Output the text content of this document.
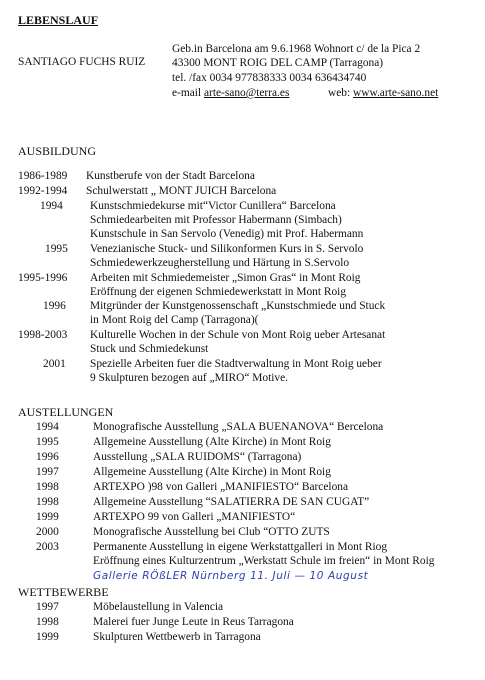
LEBENSLAUF
SANTIAGO FUCHS RUIZ
Geb.in Barcelona am 9.6.1968 Wohnort c/ de la Pica 2
43300 MONT ROIG DEL CAMP (Tarragona)
tel. /fax 0034 977838333 0034 636434740
e-mail arte-sano@terra.es	web: www.arte-sano.net
AUSBILDUNG
AUSTELLUNGEN
WETTBEWERBE
1986-1989 Kunstberufe von der Stadt Barcelona
1992-1994 Schulwerstatt „ MONT JUICH Barcelona
1994 Kunstschmiedekurse mit“Victor Cunillera“ Barcelona
Schmiedearbeiten mit Professor Habermann (Simbach)
Kunstschule in San Servolo (Venedig) mit Prof. Habermann
1995 Venezianische Stuck- und Silikonformen Kurs in S. Servolo
Schmiedewerkzeugherstellung und Härtung in S.Servolo
1995-1996 Arbeiten mit Schmiedemeister „Simon Gras“ in Mont Roig
Eröffnung der eigenen Schmiedewerkstatt in Mont Roig
1996 Mitgründer der Kunstgenossenschaft „Kunstschmiede und Stuck
in Mont Roig del Camp (Tarragona)(
1998-2003 Kulturelle Wochen in der Schule von Mont Roig ueber Artesanat
Stuck und Schmiedekunst
2001 Spezielle Arbeiten fuer die Stadtverwaltung in Mont Roig ueber
9 Skulpturen bezogen auf „MIRO“ Motive.
1994	Monografische Ausstellung „SALA BUENANOVA“ Bercelona
1995	Allgemeine Ausstellung (Alte Kirche) in Mont Roig
1996	Ausstellung „SALA RUIDOMS“ (Tarragona)
1997	Allgemeine Ausstellung (Alte Kirche) in Mont Roig
1998	ARTEXPO )98 von Galleri „MANIFIESTO“ Barcelona
1998	Allgemeine Ausstellung “SALATIERRA DE SAN CUGAT”
1999	ARTEXPO 99 von Galleri „MANIFIESTO“
2000	Monografische Ausstellung bei Club “OTTO ZUTS
2003	Permanente Ausstellung in eigene Werkstattgalleri in Mont Riog
Eröffnung eines Kulturzentrum „Werkstatt Schule im freien“ in Mont Roig
Gallerie RÖßLER Nürnberg 11. Juli — 10 August
1997	Möbelaustellung in Valencia
1998	Malerei fuer Junge Leute in Reus Tarragona
1999	Skulpturen Wettbewerb in Tarragona
